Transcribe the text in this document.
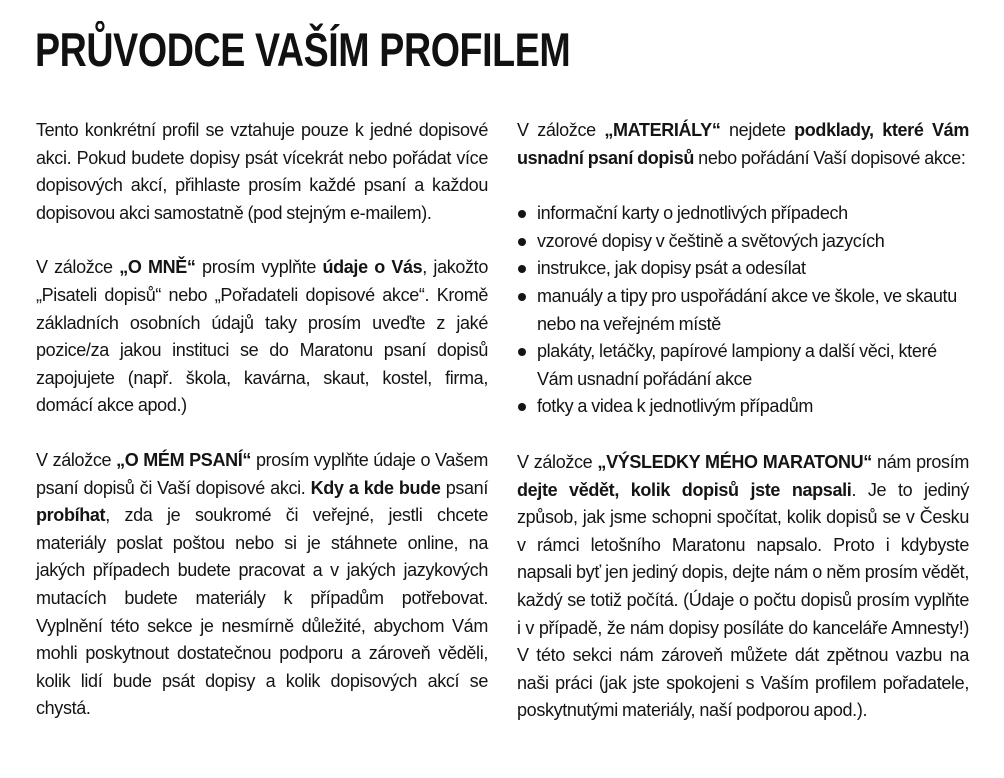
PRŮVODCE VAŠÍM PROFILEM

Tento konkrétní profil se vztahuje pouze k jedné dopisové akci. Pokud budete dopisy psát vícekrát nebo pořádat více dopisových akcí, přihlaste prosím každé psaní a každou dopisovou akci samostatně (pod stejným e-mailem).

V záložce „O MNĚ“ prosím vyplňte údaje o Vás, jakožto „Pisateli dopisů“ nebo „Pořadateli dopisové akce“. Kromě základních osobních údajů taky prosím uveďte z jaké pozice/za jakou instituci se do Maratonu psaní dopisů zapojujete (např. škola, kavárna, skaut, kostel, firma, domácí akce apod.)

V záložce „O MÉM PSANÍ“ prosím vyplňte údaje o Vašem psaní dopisů či Vaší dopisové akci. Kdy a kde bude psaní probíhat, zda je soukromé či veřejné, jestli chcete materiály poslat poštou nebo si je stáhnete online, na jakých případech budete pracovat a v jakých jazykových mutacích budete materiály k případům potřebovat. Vyplnění této sekce je nesmírně důležité, abychom Vám mohli poskytnout dostatečnou podporu a zároveň věděli, kolik lidí bude psát dopisy a kolik dopisových akcí se chystá.

V záložce „MATERIÁLY“ nejdete podklady, které Vám usnadní psaní dopisů nebo pořádání Vaší dopisové akce:

informační karty o jednotlivých případech
vzorové dopisy v češtině a světových jazycích
instrukce, jak dopisy psát a odesílat
manuály a tipy pro uspořádání akce ve škole, ve skautu nebo na veřejném místě
plakáty, letáčky, papírové lampiony a další věci, které Vám usnadní pořádání akce
fotky a videa k jednotlivým případům

V záložce „VÝSLEDKY MÉHO MARATONU“ nám prosím dejte vědět, kolik dopisů jste napsali. Je to jediný způsob, jak jsme schopni spočítat, kolik dopisů se v Česku v rámci letošního Maratonu napsalo. Proto i kdybyste napsali byť jen jediný dopis, dejte nám o něm prosím vědět, každý se totiž počítá. (Údaje o počtu dopisů prosím vyplňte i v případě, že nám dopisy posíláte do kanceláře Amnesty!) V této sekci nám zároveň můžete dát zpětnou vazbu na naši práci (jak jste spokojeni s Vaším profilem pořadatele, poskytnutými materiály, naší podporou apod.).
